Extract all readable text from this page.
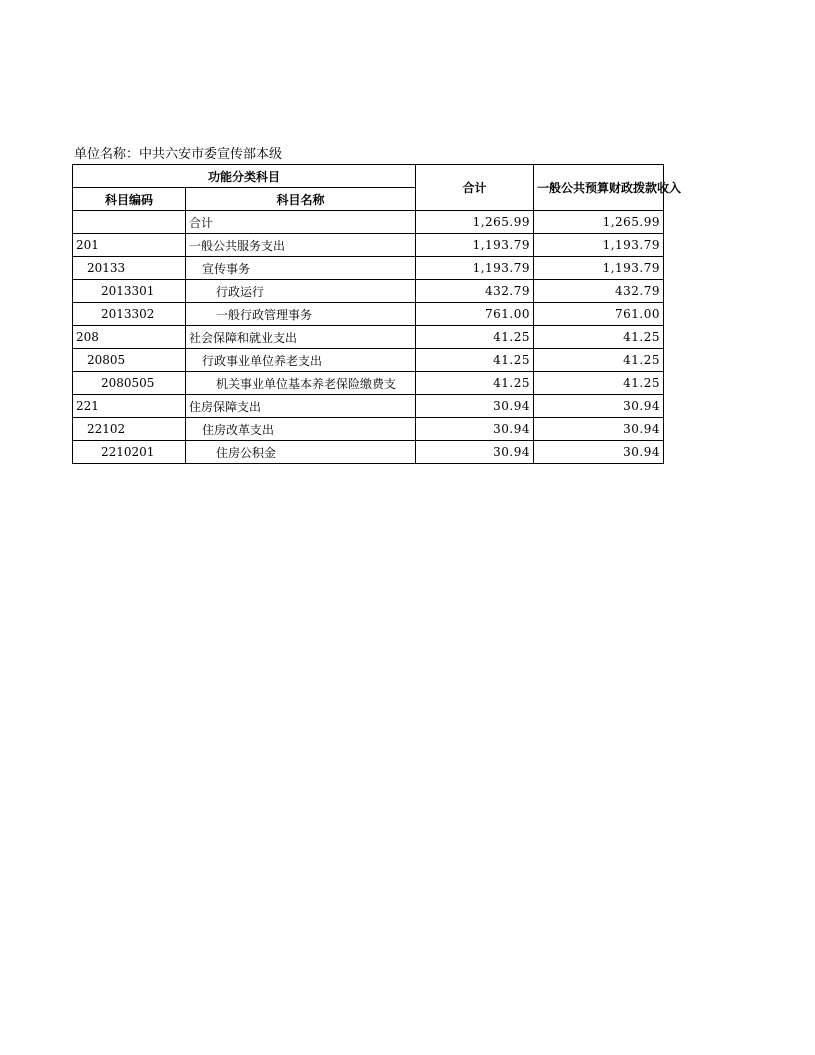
单位名称：中共六安市委宣传部本级
功能分类科目		合计	一般公共预算财政拨款收入
科目编码	科目名称		
	合计	1,265.99	1,265.99
201	一般公共服务支出	1,193.79	1,193.79
20133	宣传事务	1,193.79	1,193.79
2013301	行政运行	432.79	432.79
2013302	一般行政管理事务	761.00	761.00
208	社会保障和就业支出	41.25	41.25
20805	行政事业单位养老支出	41.25	41.25
2080505	机关事业单位基本养老保险缴费支	41.25	41.25
221	住房保障支出	30.94	30.94
22102	住房改革支出	30.94	30.94
2210201	住房公积金	30.94	30.94
